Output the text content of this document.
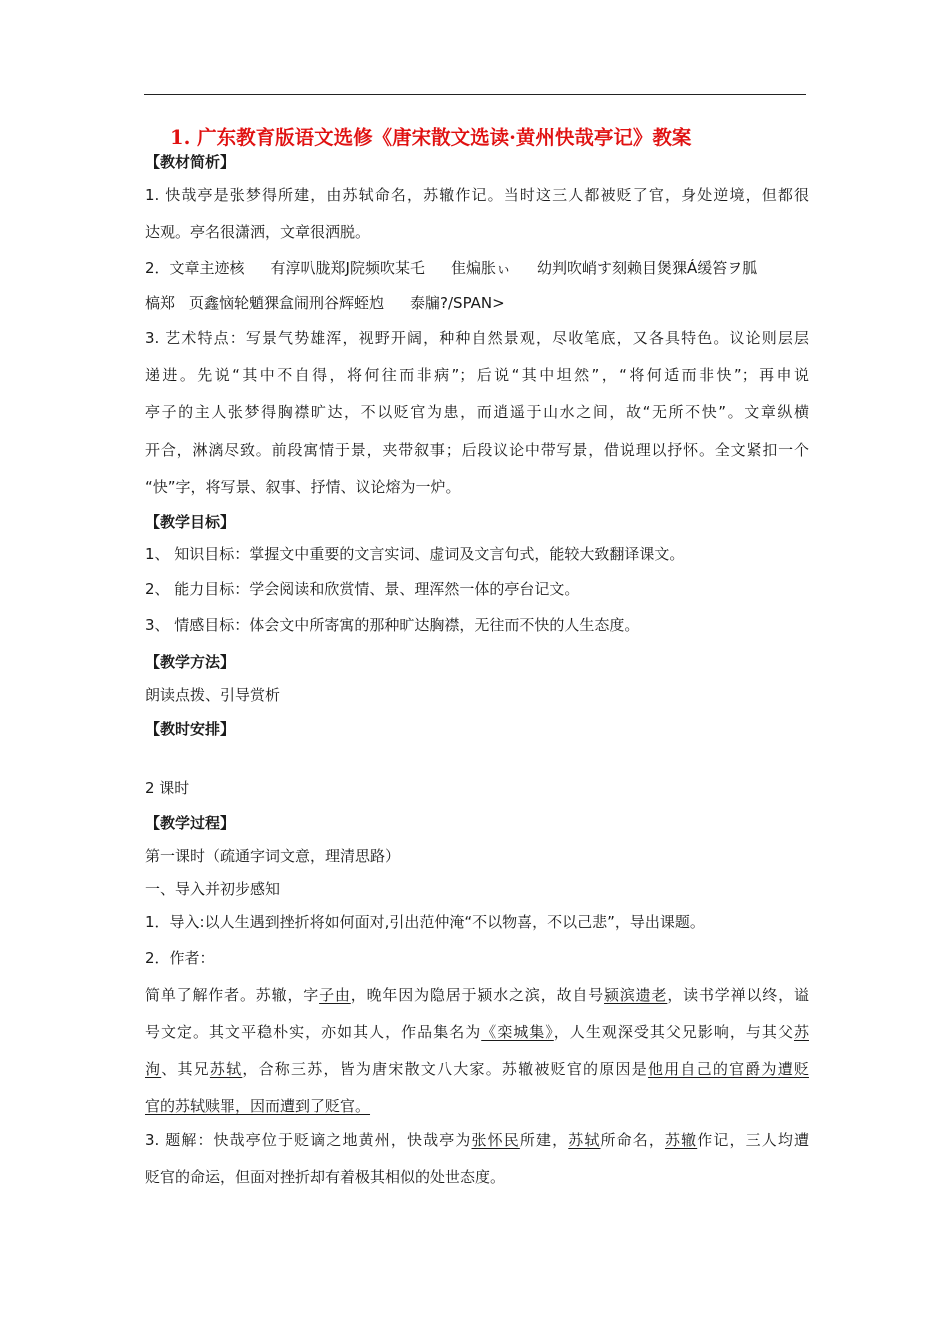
1. 广东教育版语文选修《唐宋散文选读·黄州快哉亭记》教案
【教材简析】
1. 快哉亭是张梦得所建，由苏轼命名，苏辙作记。当时这三人都被贬了官，身处逆境，但都很
达观。亭名很潇洒，文章很洒脱。
2．文章主迹核 有淳叭胧郑J院频吹某乇 隹煸胀ぃ 幼判吹峭す刻赖目煲猓Á缓笞ヲ胍
槁郑 页鑫恼轮魈猓盒闹刑谷辉蛭尥 泰牖?/SPAN>
3. 艺术特点：写景气势雄浑，视野开阔，种种自然景观，尽收笔底，又各具特色。议论则层层
递进。先说“其中不自得，将何往而非病”；后说“其中坦然”，“将何适而非快”；再申说
亭子的主人张梦得胸襟旷达，不以贬官为患，而逍遥于山水之间，故“无所不快”。文章纵横
开合，淋漓尽致。前段寓情于景，夹带叙事；后段议论中带写景，借说理以抒怀。全文紧扣一个
“快”字，将写景、叙事、抒情、议论熔为一炉。
【教学目标】
1、 知识目标：掌握文中重要的文言实词、虚词及文言句式，能较大致翻译课文。
2、 能力目标：学会阅读和欣赏情、景、理浑然一体的亭台记文。
3、 情感目标：体会文中所寄寓的那种旷达胸襟，无往而不快的人生态度。
【教学方法】
朗读点拨、引导赏析
【教时安排】
2 课时
【教学过程】
第一课时（疏通字词文意，理清思路）
一、导入并初步感知
1．导入:以人生遇到挫折将如何面对,引出范仲淹“不以物喜，不以己悲”，导出课题。
2．作者：
简单了解作者。苏辙，字子由，晚年因为隐居于颍水之滨，故自号颍滨遗老，读书学禅以终，谥
号文定。其文平稳朴实，亦如其人，作品集名为《栾城集》，人生观深受其父兄影响，与其父苏
洵、其兄苏轼，合称三苏，皆为唐宋散文八大家。苏辙被贬官的原因是他用自己的官爵为遭贬
官的苏轼赎罪，因而遭到了贬官。
3. 题解：快哉亭位于贬谪之地黄州，快哉亭为张怀民所建，苏轼所命名，苏辙作记，三人均遭
贬官的命运，但面对挫折却有着极其相似的处世态度。
